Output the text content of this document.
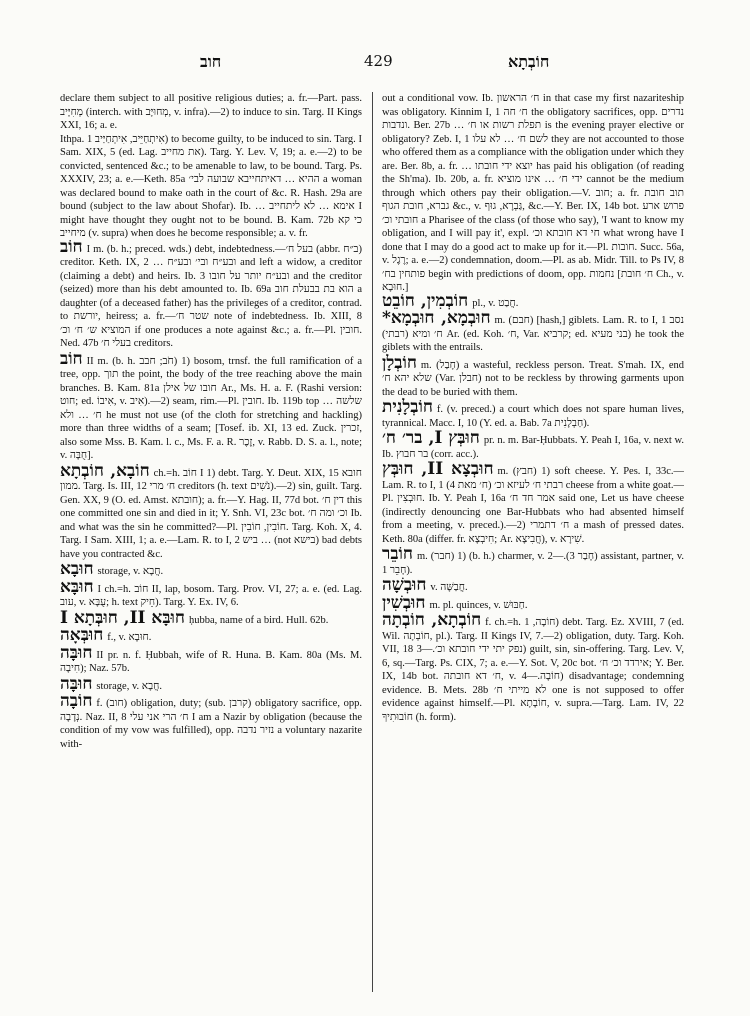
חוב	429	חוֹבְתָא

declare them subject to all positive religious duties; a. fr.—Part. pass. מְחִיָּיב (interch. with מְחוּיָּב, v. infra).—2) to induce to sin. Targ. II Kings XXI, 16; a. e.

Ithpa. אִיתְחַיֵּיב, אִיתְחַיַּיב 1) to become guilty, to be induced to sin. Targ. I Sam. XIX, 5 (ed. Lag. את מחייב). Targ. Y. Lev. V, 19; a. e.—2) to be convicted, sentenced &c.; to be amenable to law, to be bound. Targ. Ps. XXXIV, 23; a. e.—Keth. 85a ההיא … דאיתחייבא שבועה לבי׳ a woman was declared bound to make oath in the court of &c. R. Hash. 29a are bound (subject to the law about Shofar). Ib. … אימא … לא ליתחייב I might have thought they ought not to be bound. B. Kam. 72b כי קא מיחייב (v. supra) when does he become responsible; a. v. fr.

חוֹב I m. (b. h.; preced. wds.) debt, indebtedness.—בעל ח׳ (abbr. ב״ח) creditor. Keth. IX, 2 … ובע״ח ובי׳ ובע״ח and left a widow, a creditor (claiming a debt) and heirs. Ib. 3 ובע״ח יותר על חובו and the creditor (seized) more than his debt amounted to. Ib. 69a הוא בת בבעלת חוב a daughter (of a deceased father) has the privileges of a creditor, contrad. to יורשת, heiress; a. fr.—שטר ח׳ note of indebtedness. Ib. XIII, 8 המוציא ש׳ ח׳ וכ׳ if one produces a note against &c.; a. fr.—Pl. חובין. Ned. 47b בעלי ח׳ creditors.

חוֹב II m. (b. h. חֹב; חבב) 1) bosom, trnsf. the full ramification of a tree, opp. תוך the point, the body of the tree reaching above the main branches. B. Kam. 81a חובו של אילן Ar., Ms. H. a. F. (Rashi version: חוט; ed. אִיבוֹ, v. אִיב).—2) seam, rim.—Pl. חובין. Ib. 119b top … שלשה ח׳ … ולא he must not use (of the cloth for stretching and hackling) more than three widths of a seam; [Tosef. ib. XI, 13 ed. Zuck. זכרין, also some Mss. B. Kam. l. c., Ms. F. a. R. זֶכֶר, v. Rabb. D. S. a. l., note; v. חֻבָּה].

חוֹבָא, חוֹבְתָא ch.=h. חוֹב I 1) debt. Targ. Y. Deut. XIX, 15 חובא ממון. Targ. Is. III, 12 ח׳ מרי creditors (h. text נֹשִׁים).—2) sin, guilt. Targ. Gen. XX, 9 (O. ed. Amst. חובתא); a. fr.—Y. Hag. II, 77d bot. דין ח׳ this one committed one sin and died in it; Y. Snh. VI, 23c bot. וכ׳ ומה ח׳ Ib. and what was the sin he committed?—Pl. חוֹבִין, חוֹבִין. Targ. Koh. X, 4. Targ. I Sam. XIII, 1; a. e.—Lam. R. to I, 2 ביש … (not בישא) bad debts have you contracted &c.

חוּבָא storage, v. חֲבָא.

חוּבָּא I ch.=h. חוֹב II, lap, bosom. Targ. Prov. VI, 27; a. e. (ed. Lag. עוב, v. עֻבָּא; h. text חֵיק). Targ. Y. Ex. IV, 6.

חוּבָּא II, חוּבְּתָא I ḥubba, name of a bird. Hull. 62b.

חוּבְּאָה f., v. חוּבָא.

חוּבָּה II pr. n. f. Ḥubbah, wife of R. Huna. B. Kam. 80a (Ms. M. חִיבָה); Naz. 57b.

חוּבָּה storage, v. חֲבָא.

חוֹבָה f. (חוב) obligation, duty; (sub. קרבן) obligatory sacrifice, opp. נְדָבָה. Naz. II, 8 ח׳ הרי אני עלי I am a Nazir by obligation (because the condition of my vow was fulfilled), opp. נזיר נדבה a voluntary nazarite with-

out a conditional vow. Ib. ח׳ הראשון in that case my first nazariteship was obligatory. Kinnim I, 1 ח׳ חה the obligatory sacrifices, opp. נדרים ונדבות. Ber. 27b … תפלת רשות או ח׳ is the evening prayer elective or obligatory? Zeb. I, 1 לשם ח׳ … לא עלו they are not accounted to those who offered them as a compliance with the obligation under which they are. Ber. 8b, a. fr. … יוצא ידי חובתו has paid his obligation (of reading the Sh'ma). Ib. 20b, a. fr. ידי ח׳ … אינו מוציא cannot be the medium through which others pay their obligation.—V. חוב; a. fr. תוב חובת גברא, חובת הגוף &c., v. גַּבְרָא, גוּף, &c.—Y. Ber. IX, 14b bot. פרוש ארע חובתי וכ׳ a Pharisee of the class (of those who say), 'I want to know my obligation, and I will pay it', expl. חי דא חובתא וכ׳ what wrong have I done that I may do a good act to make up for it.—Pl. חובות. Succ. 56a, v. רֶגֶל; a. e.—2) condemnation, doom.—Pl. as ab. Midr. Till. to Ps IV, 8 פותחין בח׳ begin with predictions of doom, opp. נחמות [ח׳ חובת Ch., v. חוּבָא.]

חוֹבְמִין, חוֹבֵט pl., v. חֲבַט.

חוּבְמָא, חוּבְמָא* m. (חבם) [hash,] giblets. Lam. R. to I, 1 נסב ח׳ ומיא (רבתי) Ar. (ed. Koh. ח׳, Var. קרביא; ed. בני מעיא) he took the giblets with the entrails.

חוֹבְלָן m. (חָבַל) a wasteful, reckless person. Treat. S'mah. IX, end שלא יהא ח׳ (Var. חבלן) not to be reckless by throwing garments upon the dead to be buried with them.

חוֹבְלָנִית f. (v. preced.) a court which does not spare human lives, tyrannical. Macc. I, 10 (Y. ed. a. Bab. 7a חַבְלָנִית).

חוּבְּץ I, בר׳ ח׳ pr. n. m. Bar-Ḥubbats. Y. Peah I, 16a, v. next w. Ib. בר חבוץ (corr. acc.).

חוּבְצָא II, חוּבְּץ m. (חבץ) 1) soft cheese. Y. Pes. I, 33c.—Lam. R. to I, 1 (4 ח׳ מאת) רבתי ח׳ לעיזא וכ׳ cheese from a white goat.—Pl. חוּבְצִין. Ib. Y. Peah I, 16a אמר חד ח׳ said one, Let us have cheese (indirectly denouncing one Bar-Hubbats who had absented himself from a meeting, v. preced.).—2) ח׳ דתמרי a mash of pressed dates. Keth. 80a (differ. fr. חִיבְצָא; Ar. חֲבִיצָא), v. שִׁירָא.

חוֹבֵר m. (חבר) 1) (b. h.) charmer, v. חָבַר 3).—2) assistant, partner, v. חָבֵר 1).

חוּבְשָׁה v. חֲבַשָּׁה.

חוּבְשִׁין m. pl. quinces, v. חַבּוּשׁ.

חוֹבְתָא, חוֹבְתָה f. ch.=h. חוֹבָה, 1) debt. Targ. Ez. XVIII, 7 (ed. Wil. חוֹבְתָה, pl.). Targ. II Kings IV, 7.—2) obligation, duty. Targ. Koh. VII, 18 נפק יתי ידי חובתא וכ׳.—3) guilt, sin, sin-offering. Targ. Lev. V, 6, sq.—Targ. Ps. CIX, 7; a. e.—Y. Sot. V, 20c bot. אירדד וכ׳ ח׳; Y. Ber. IX, 14b bot. ח׳ דא חובתה, v. חוֹבָה.—4) disadvantage; condemning evidence. B. Mets. 28b לא מייתי ח׳ one is not supposed to offer evidence against himself.—Pl. חוֹבָתָא, v. supra.—Targ. Lam. IV, 22 חוֹבוּתִיךָ (h. form).
